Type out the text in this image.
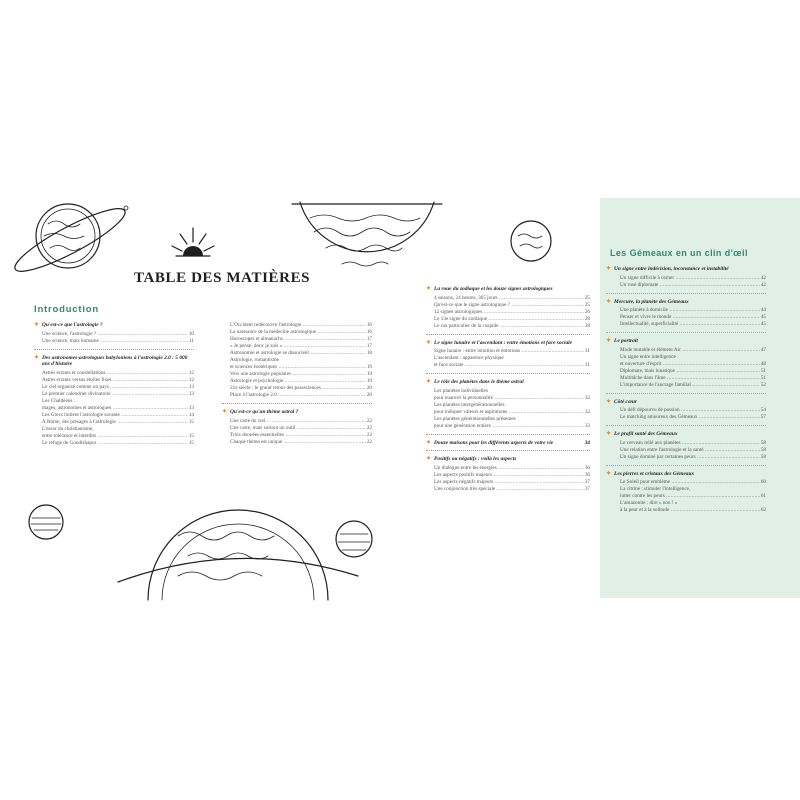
TABLE DES MATIÈRES
Introduction
✦ Qu'est-ce que l'astrologie ?
Une science, l'astrologie ? .....	10
Une science, mais humaine .....	11
✦ Des astronomes-astrologues babyloniens à l'astrologie 2.0 : 5 000 ans d'histoire
Astres errants et constellations .....	12
Astres errants versus étoiles fixes .....	12
Le ciel organisé comme un pays .....	13
Le premier calendrier divinatoire .....	13
Les Chaldéens :
mages, astronomes et astrologues .....	13
Les Grecs initient l'astrologie savante .....	14
À Rome, des présages à l'astrologie .....	15
L'essor du christianisme,
entre tolérance et interdits .....	15
Le refuge de Gondishapur .....	15
L'Occident redécouvre l'astrologie .....	16
La naissance de la médecine astrologique .....	16
Horoscopes et almanachs .....	17
« Je pense, donc je suis » .....	17
Astronomie et astrologie se dissocient .....	18
Astrologie, romantisme
et sciences ésotériques .....	19
Vers une astrologie populaire .....	19
Astrologie et psychologie .....	19
21e siècle : le grand retour des parasciences .....	20
Place à l'astrologie 2.0 .....	20
✦ Qu'est-ce qu'un thème astral ?
Une carte du ciel… .....	22
Une carte, mais surtout un outil .....	22
Trois données essentielles .....	22
Chaque thème est unique .....	22
✦ La roue du zodiaque et les douze signes astrologiques
4 saisons, 24 heures, 365 jours .....	25
Qu'est-ce que le signe astrologique ? .....	25
12 signes astrologiques .....	26
Le 13e signe du zodiaque .....	28
Le cas particulier de la cuspide .....	28
✦ Le signe lunaire et l'ascendant : entre émotions et face sociale
Signe lunaire : entre intuition et émotions .....	31
L'ascendant : apparence physique
et face sociale .....	31
✦ Le rôle des planètes dans le thème astral
Les planètes individuelles
pour nuancer la personnalité .....	32
Les planètes intergénérationnelles
pour indiquer valeurs et aspirations .....	32
Les planètes générationnelles présentes
pour une génération entière .....	33
✦ Douze maisons pour les différents aspects de votre vie	34
✦ Positifs ou négatifs : voilà les aspects
Un dialogue entre les énergies .....	36
Les aspects positifs majeurs .....	36
Les aspects négatifs majeurs .....	37
Une conjonction très spéciale .....	37
Les Gémeaux en un clin d'œil
✦ Un signe entre indécision, inconstance et instabilité
Un signe difficile à cerner .....	42
Un rusé diplomate .....	42
✦ Mercure, la planète des Gémeaux
Une planète à domicile .....	44
Penser et vivre le monde .....	45
Intellectualité, superficialité .....	45
✦ Le portrait
Mode mutable et élément Air .....	47
Un signe entre intelligence
et ouverture d'esprit .....	48
Diplomate, mais lunatique .....	51
Multitâche dans l'âme .....	51
L'importance de l'ancrage familial .....	52
✦ Côté cœur
Un défi dépourvu de passion .....	54
Le matching amoureux des Gémeaux .....	57
✦ Le profil santé des Gémeaux
Le cerveau relié aux planètes .....	58
Une relation entre l'astrologie et la santé .....	58
Un signe dominé par certaines peurs .....	58
✦ Les pierres et cristaux des Gémeaux
Le Soleil pour emblème .....	60
La citrine : stimuler l'intelligence,
lutter contre les peurs .....	61
L'amazonite : dire « non ! »
à la peur et à la solitude .....	62
